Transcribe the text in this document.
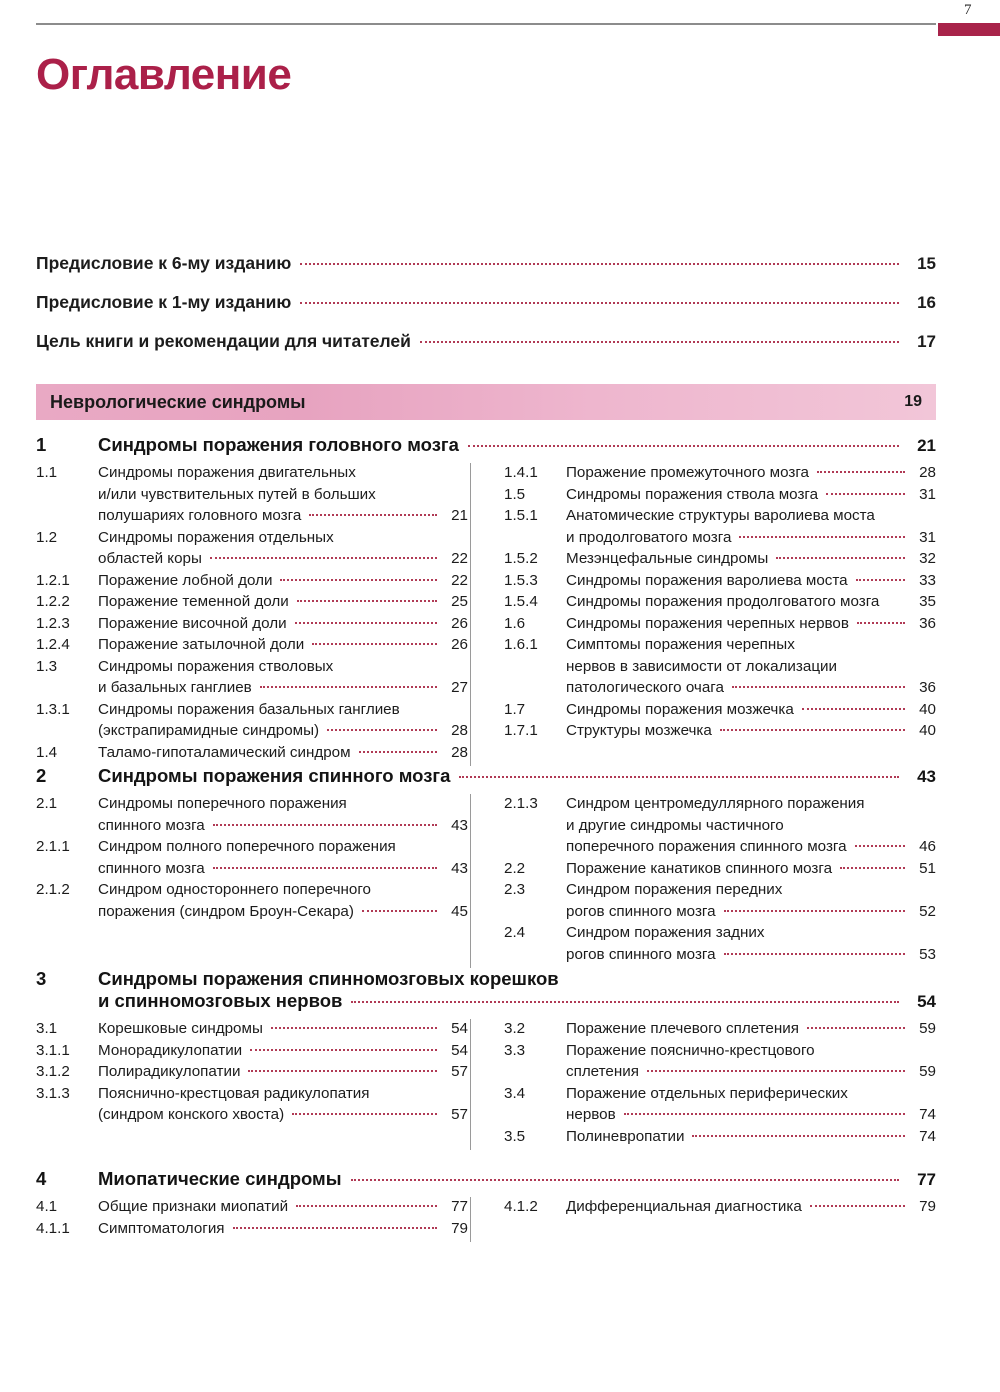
7
Оглавление
Предисловие к 6-му изданию	15
Предисловие к 1-му изданию	16
Цель книги и рекомендации для читателей	17
Неврологические синдромы	19
1	Синдромы поражения головного мозга	21
1.1	Синдромы поражения двигательных
и/или чувствительных путей в больших
полушариях головного мозга	21
1.2	Синдромы поражения отдельных
областей коры	22
1.2.1	Поражение лобной доли	22
1.2.2	Поражение теменной доли	25
1.2.3	Поражение височной доли	26
1.2.4	Поражение затылочной доли	26
1.3	Синдромы поражения стволовых
и базальных ганглиев	27
1.3.1	Синдромы поражения базальных ганглиев
(экстрапирамидные синдромы)	28
1.4	Таламо-гипоталамический синдром	28
1.4.1	Поражение промежуточного мозга	28
1.5	Синдромы поражения ствола мозга	31
1.5.1	Анатомические структуры варолиева моста
и продолговатого мозга	31
1.5.2	Мезэнцефальные синдромы	32
1.5.3	Синдромы поражения варолиева моста	33
1.5.4	Синдромы поражения продолговатого мозга	35
1.6	Синдромы поражения черепных нервов	36
1.6.1	Симптомы поражения черепных
нервов в зависимости от локализации
патологического очага	36
1.7	Синдромы поражения мозжечка	40
1.7.1	Структуры мозжечка	40
2	Синдромы поражения спинного мозга	43
2.1	Синдромы поперечного поражения
спинного мозга	43
2.1.1	Синдром полного поперечного поражения
спинного мозга	43
2.1.2	Синдром одностороннего поперечного
поражения (синдром Броун-Секара)	45
2.1.3	Синдром центромедуллярного поражения
и другие синдромы частичного
поперечного поражения спинного мозга	46
2.2	Поражение канатиков спинного мозга	51
2.3	Синдром поражения передних
рогов спинного мозга	52
2.4	Синдром поражения задних
рогов спинного мозга	53
3	Синдромы поражения спинномозговых корешков
и спинномозговых нервов	54
3.1	Корешковые синдромы	54
3.1.1	Монорадикулопатии	54
3.1.2	Полирадикулопатии	57
3.1.3	Пояснично-крестцовая радикулопатия
(синдром конского хвоста)	57
3.2	Поражение плечевого сплетения	59
3.3	Поражение пояснично-крестцового
сплетения	59
3.4	Поражение отдельных периферических
нервов	74
3.5	Полиневропатии	74
4	Миопатические синдромы	77
4.1	Общие признаки миопатий	77
4.1.1	Симптоматология	79
4.1.2	Дифференциальная диагностика	79
